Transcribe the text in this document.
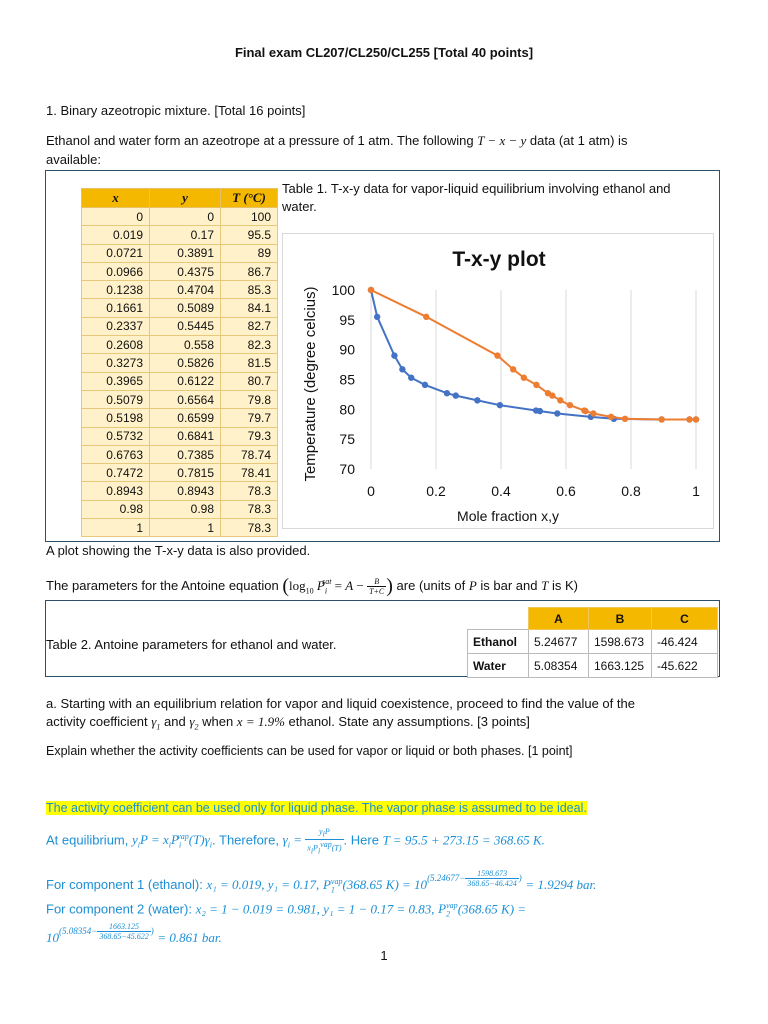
Final exam CL207/CL250/CL255 [Total 40 points]
1. Binary azeotropic mixture. [Total 16 points]
Ethanol and water form an azeotrope at a pressure of 1 atm. The following T − x − y data (at 1 atm) is
available:
x	y	T (°C)
0	0	100
0.019	0.17	95.5
0.0721	0.3891	89
0.0966	0.4375	86.7
0.1238	0.4704	85.3
0.1661	0.5089	84.1
0.2337	0.5445	82.7
0.2608	0.558	82.3
0.3273	0.5826	81.5
0.3965	0.6122	80.7
0.5079	0.6564	79.8
0.5198	0.6599	79.7
0.5732	0.6841	79.3
0.6763	0.7385	78.74
0.7472	0.7815	78.41
0.8943	0.8943	78.3
0.98	0.98	78.3
1	1	78.3
Table 1. T-x-y data for vapor-liquid equilibrium involving ethanol and
water.
T-x-y plot
70
75
80
85
90
95
100
0	0.2	0.4	0.6	0.8	1
Mole fraction x,y
Temperature (degree celcius)
A plot showing the T-x-y data is also provided.
The parameters for the Antoine equation ($\log_{10}$ $P_i^{sat} = A - \frac{B}{T+C}$ ) are (units of P is bar and T is K)
Table 2. Antoine parameters for ethanol and water.
	A	B	C
Ethanol	5.24677	1598.673	-46.424
Water	5.08354	1663.125	-45.622
a. Starting with an equilibrium relation for vapor and liquid coexistence, proceed to find the value of the
activity coefficient $\gamma_1$ and $\gamma_2$ when x = 1.9% ethanol. State any assumptions. [3 points]
Explain whether the activity coefficients can be used for vapor or liquid or both phases. [1 point]
The activity coefficient can be used only for liquid phase. The vapor phase is assumed to be ideal.
At equilibrium, $y_iP = x_iP_i^{vap}(T)\gamma_i$. Therefore, $\gamma_i = \frac{y_iP}{x_iP_i^{vap}(T)}$ . Here T = 95.5 + 273.15 = 368.65 K.
For component 1 (ethanol): x₁ = 0.019, y₁ = 0.17, $P_1^{vap}(368.65$ $K) = 10^{(5.24677- \frac{1598.673}{368.65-46.424} )} = 1.9294$ bar.
For component 2 (water): x₂ = 1 − 0.019 = 0.981, y₁ = 1 − 0.17 = 0.83, $P_2^{vap}(368.65$ K) =
$10^{(5.08354- \frac{1663.125}{368.65-45.622} )} = 0.861$ bar.
1
